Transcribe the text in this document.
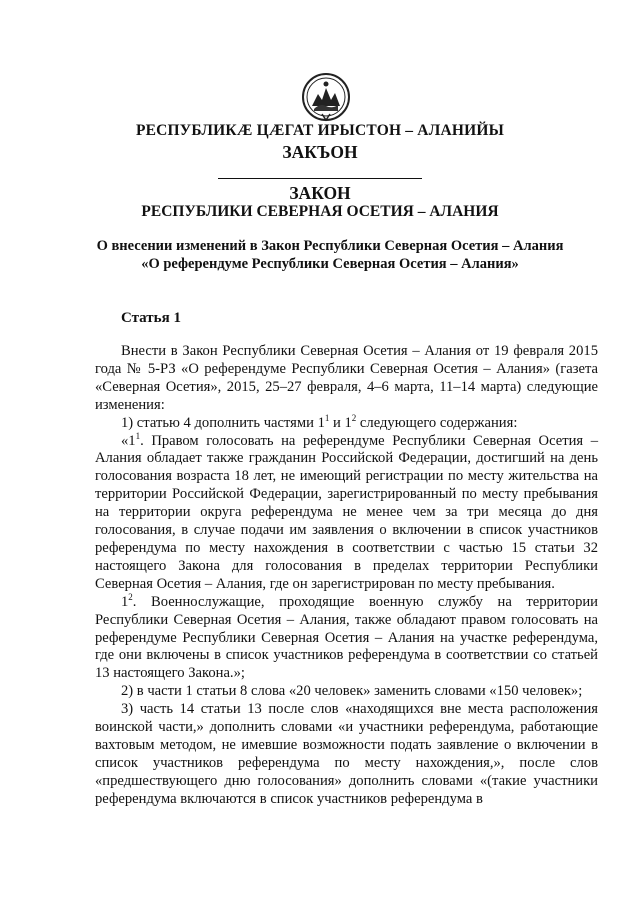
РЕСПУБЛИКӔ ЦӔГАТ ИРЫСТОН – АЛАНИЙЫ
ЗАКЪОН
ЗАКОН
РЕСПУБЛИКИ СЕВЕРНАЯ ОСЕТИЯ – АЛАНИЯ
О внесении изменений в Закон Республики Северная Осетия – Алания
«О референдуме Республики Северная Осетия – Алания»
Статья 1

Внести в Закон Республики Северная Осетия – Алания от 19 февраля 2015 года № 5-РЗ «О референдуме Республики Северная Осетия – Алания» (газета «Северная Осетия», 2015, 25–27 февраля, 4–6 марта, 11–14 марта) следующие изменения:

1) статью 4 дополнить частями $1^1$ и $1^2$ следующего содержания:

«$1^1$. Правом голосовать на референдуме Республики Северная Осетия – Алания обладает также гражданин Российской Федерации, достигший на день голосования возраста 18 лет, не имеющий регистрации по месту жительства на территории Российской Федерации, зарегистрированный по месту пребывания на территории округа референдума не менее чем за три месяца до дня голосования, в случае подачи им заявления о включении в список участников референдума по месту нахождения в соответствии с частью 15 статьи 32 настоящего Закона для голосования в пределах территории Республики Северная Осетия – Алания, где он зарегистрирован по месту пребывания.

$1^2$. Военнослужащие, проходящие военную службу на территории Республики Северная Осетия – Алания, также обладают правом голосовать на референдуме Республики Северная Осетия – Алания на участке референдума, где они включены в список участников референдума в соответствии со статьей 13 настоящего Закона.»;

2) в части 1 статьи 8 слова «20 человек» заменить словами «150 человек»;

3) часть 14 статьи 13 после слов «находящихся вне места расположения воинской части,» дополнить словами «и участники референдума, работающие вахтовым методом, не имевшие возможности подать заявление о включении в список участников референдума по месту нахождения,», после слов «предшествующего дню голосования» дополнить словами «(такие участники референдума включаются в список участников референдума в
